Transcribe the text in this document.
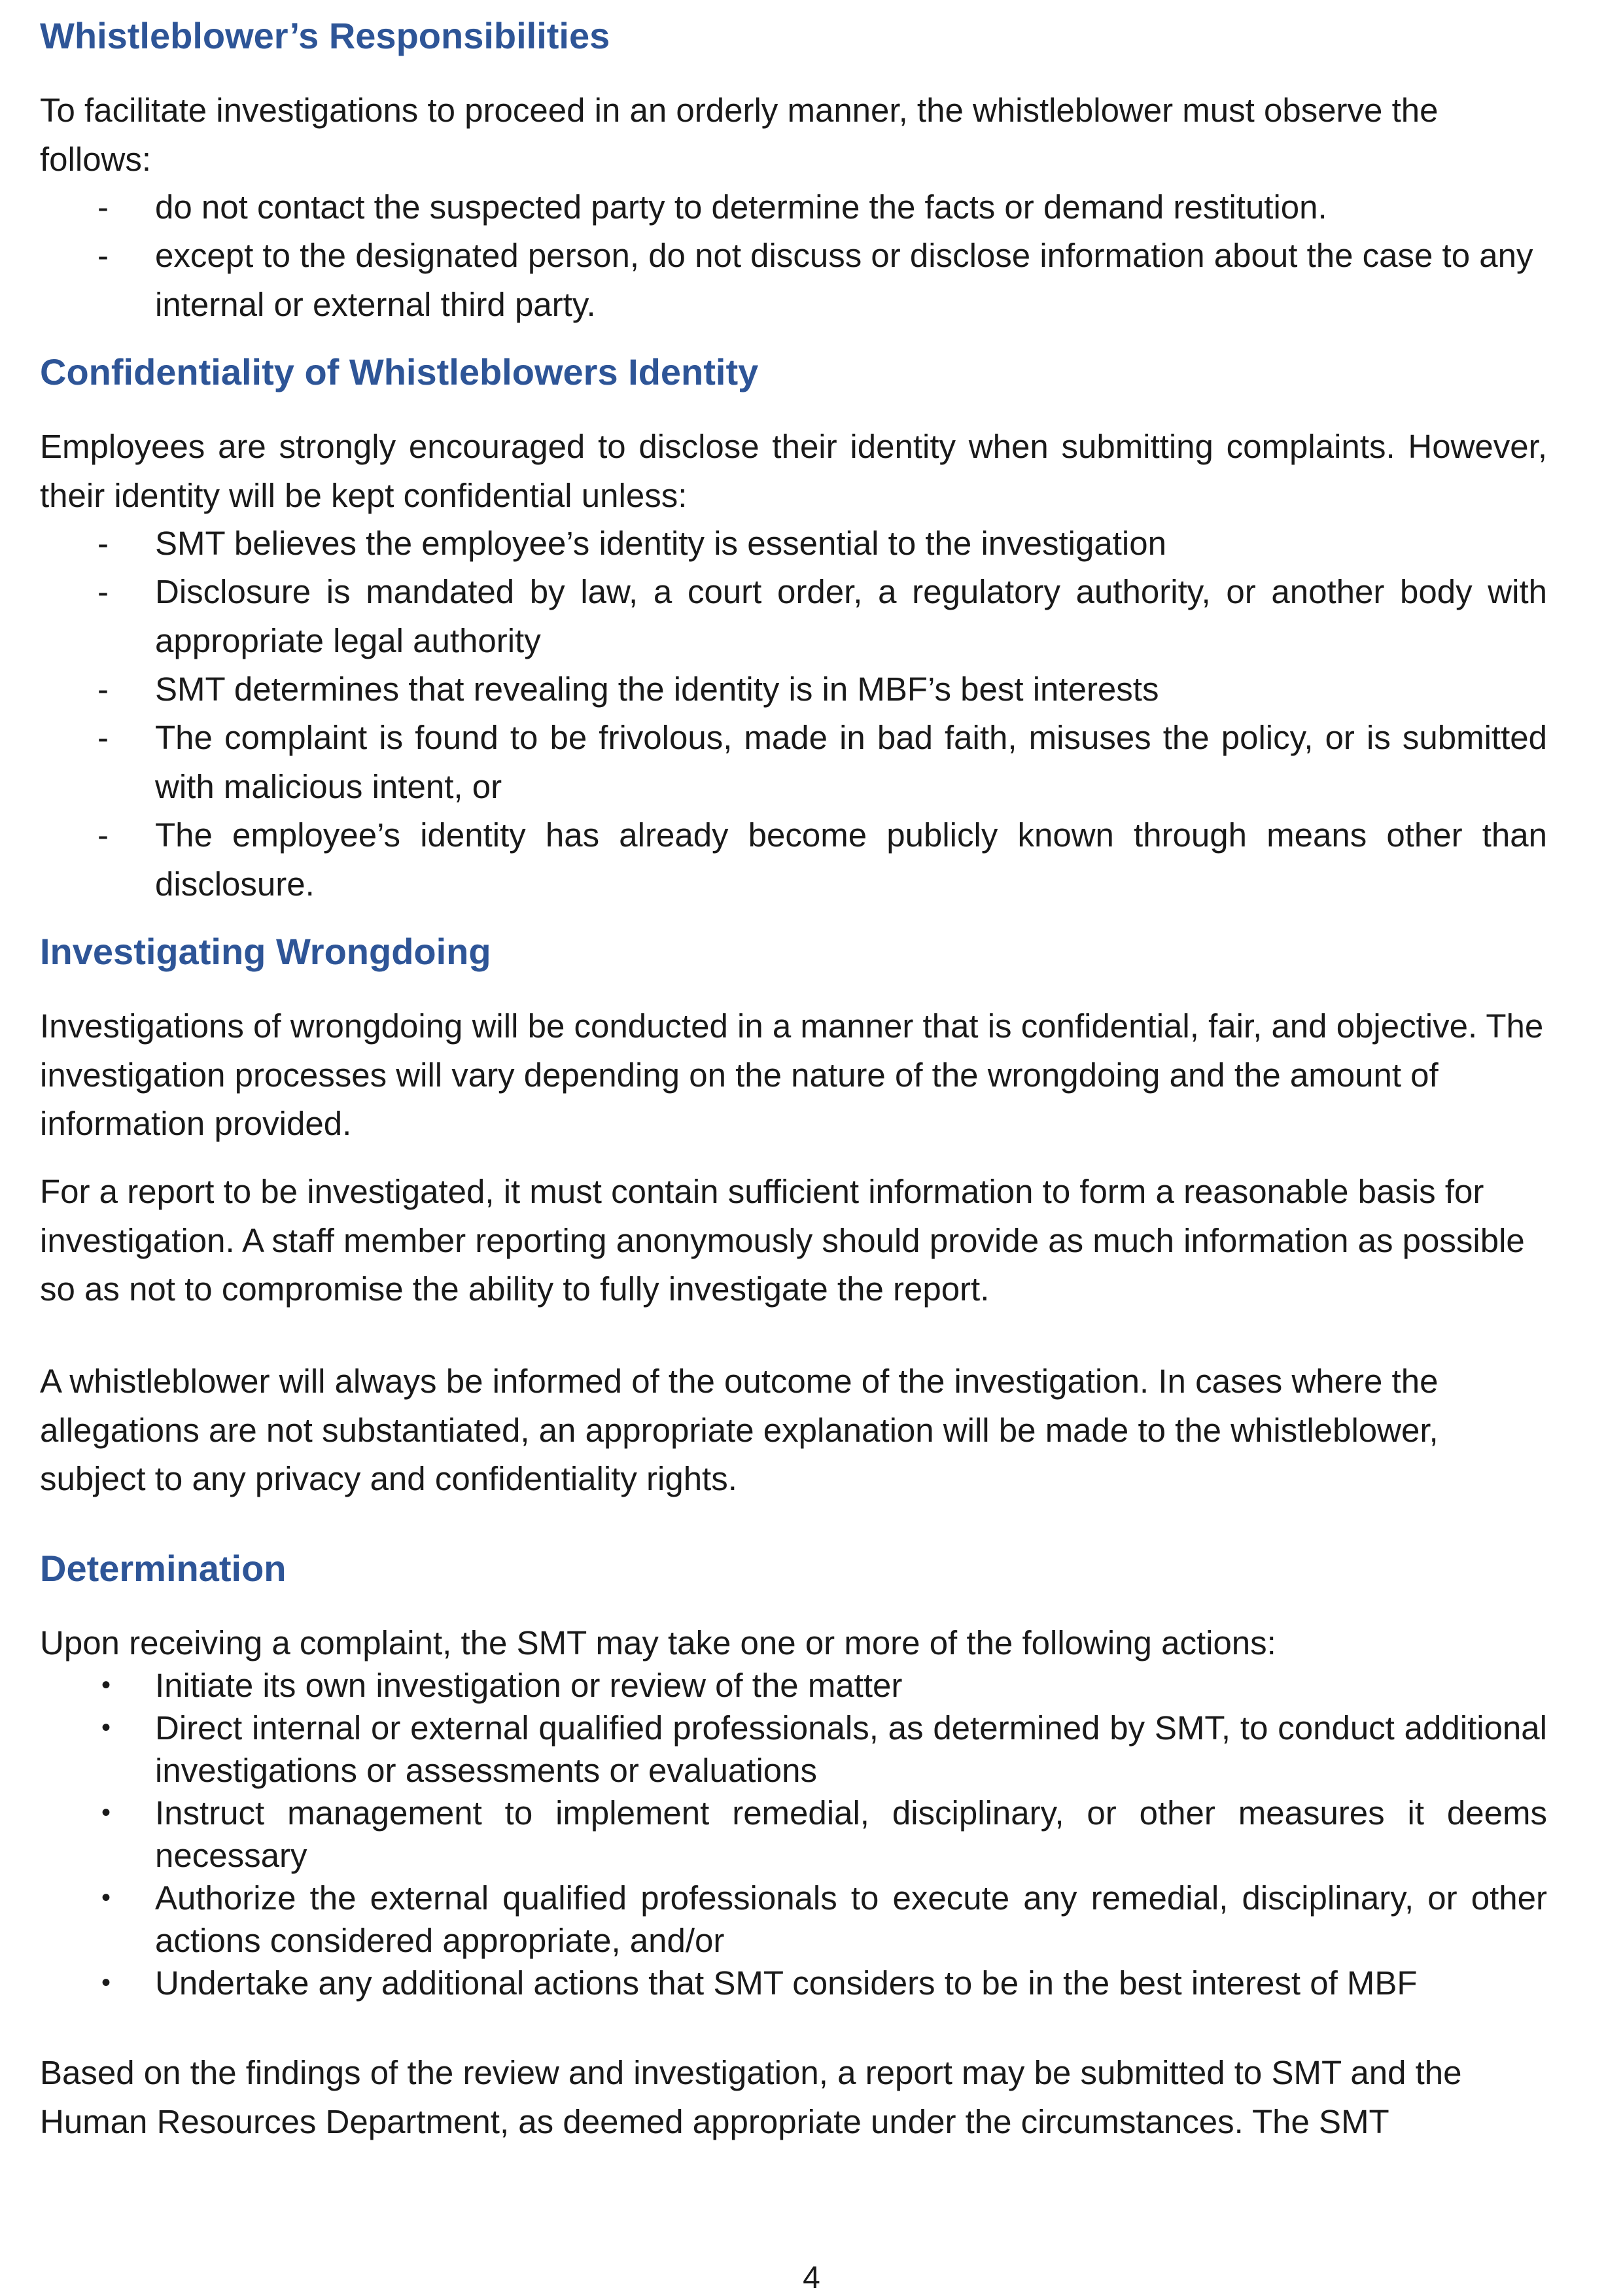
Whistleblower’s Responsibilities

To facilitate investigations to proceed in an orderly manner, the whistleblower must observe the follows:

- do not contact the suspected party to determine the facts or demand restitution.
- except to the designated person, do not discuss or disclose information about the case to any internal or external third party.
Confidentiality of Whistleblowers Identity

Employees are strongly encouraged to disclose their identity when submitting complaints. However, their identity will be kept confidential unless:

- SMT believes the employee’s identity is essential to the investigation
- Disclosure is mandated by law, a court order, a regulatory authority, or another body with appropriate legal authority
- SMT determines that revealing the identity is in MBF’s best interests
- The complaint is found to be frivolous, made in bad faith, misuses the policy, or is submitted with malicious intent, or
- The employee’s identity has already become publicly known through means other than disclosure.
Investigating Wrongdoing

Investigations of wrongdoing will be conducted in a manner that is confidential, fair, and objective. The investigation processes will vary depending on the nature of the wrongdoing and the amount of information provided.

For a report to be investigated, it must contain sufficient information to form a reasonable basis for investigation. A staff member reporting anonymously should provide as much information as possible so as not to compromise the ability to fully investigate the report.

A whistleblower will always be informed of the outcome of the investigation. In cases where the allegations are not substantiated, an appropriate explanation will be made to the whistleblower, subject to any privacy and confidentiality rights.

Determination

Upon receiving a complaint, the SMT may take one or more of the following actions:

• Initiate its own investigation or review of the matter
• Direct internal or external qualified professionals, as determined by SMT, to conduct additional investigations or assessments or evaluations
• Instruct management to implement remedial, disciplinary, or other measures it deems necessary
• Authorize the external qualified professionals to execute any remedial, disciplinary, or other actions considered appropriate, and/or
• Undertake any additional actions that SMT considers to be in the best interest of MBF

Based on the findings of the review and investigation, a report may be submitted to SMT and the Human Resources Department, as deemed appropriate under the circumstances. The SMT

4
